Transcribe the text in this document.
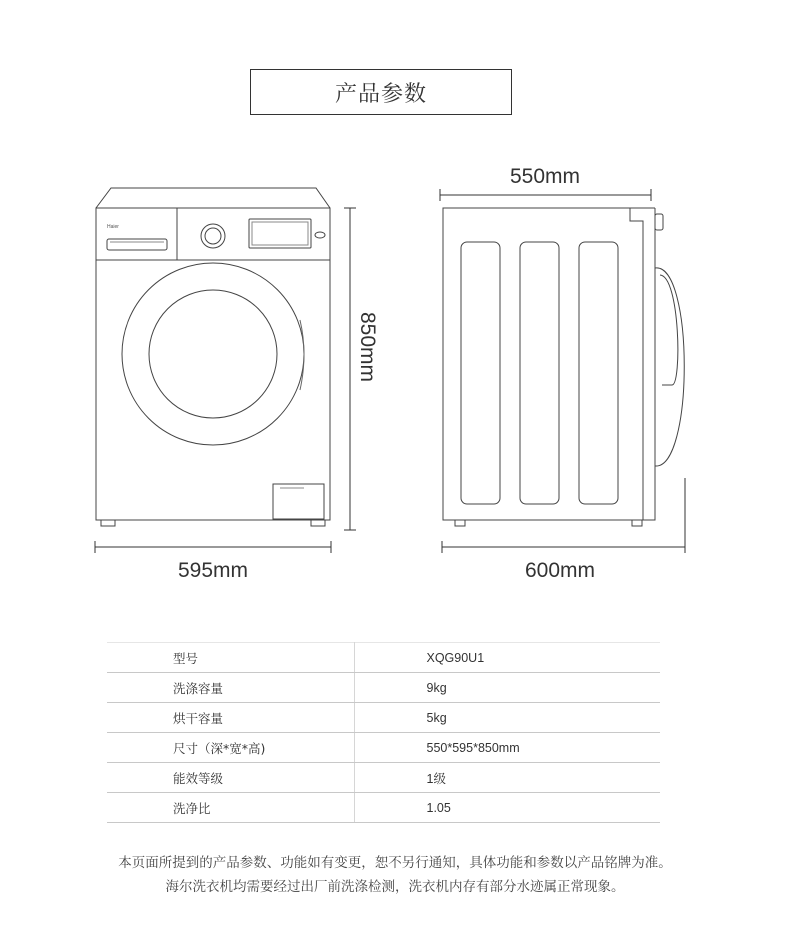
产品参数
Haier
595mm
550mm
600mm
850mm
型号	XQG90U1
洗涤容量	9kg
烘干容量	5kg
尺寸（深*宽*高)	550*595*850mm
能效等级	1级
洗净比	1.05
本页面所提到的产品参数、功能如有变更，恕不另行通知，具体功能和参数以产品铭牌为准。
海尔洗衣机均需要经过出厂前洗涤检测，洗衣机内存有部分水迹属正常现象。
